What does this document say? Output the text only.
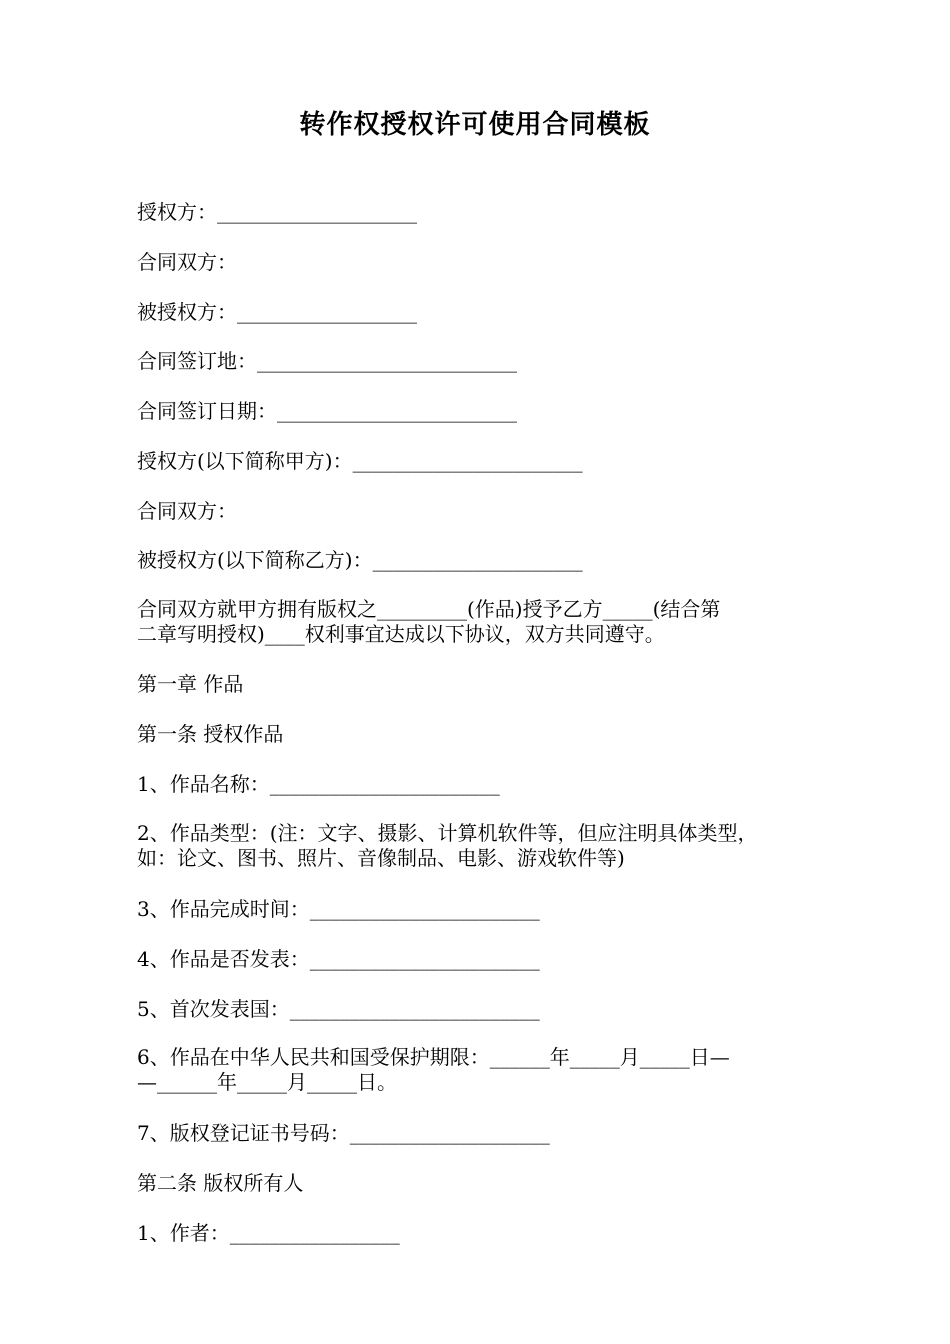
转作权授权许可使用合同模板
授权方：____________________
合同双方：
被授权方：__________________
合同签订地：__________________________
合同签订日期：________________________
授权方(以下简称甲方)：_______________________
合同双方：
被授权方(以下简称乙方)：_____________________
合同双方就甲方拥有版权之_________(作品)授予乙方_____(结合第
二章写明授权)____权利事宜达成以下协议，双方共同遵守。
第一章 作品
第一条 授权作品
1、作品名称：_______________________
2、作品类型：(注：文字、摄影、计算机软件等，但应注明具体类型，
如：论文、图书、照片、音像制品、电影、游戏软件等)
3、作品完成时间：_______________________
4、作品是否发表：_______________________
5、首次发表国：_________________________
6、作品在中华人民共和国受保护期限：______年_____月_____日—
—______年_____月_____日。
7、版权登记证书号码：____________________
第二条 版权所有人
1、作者：_________________
